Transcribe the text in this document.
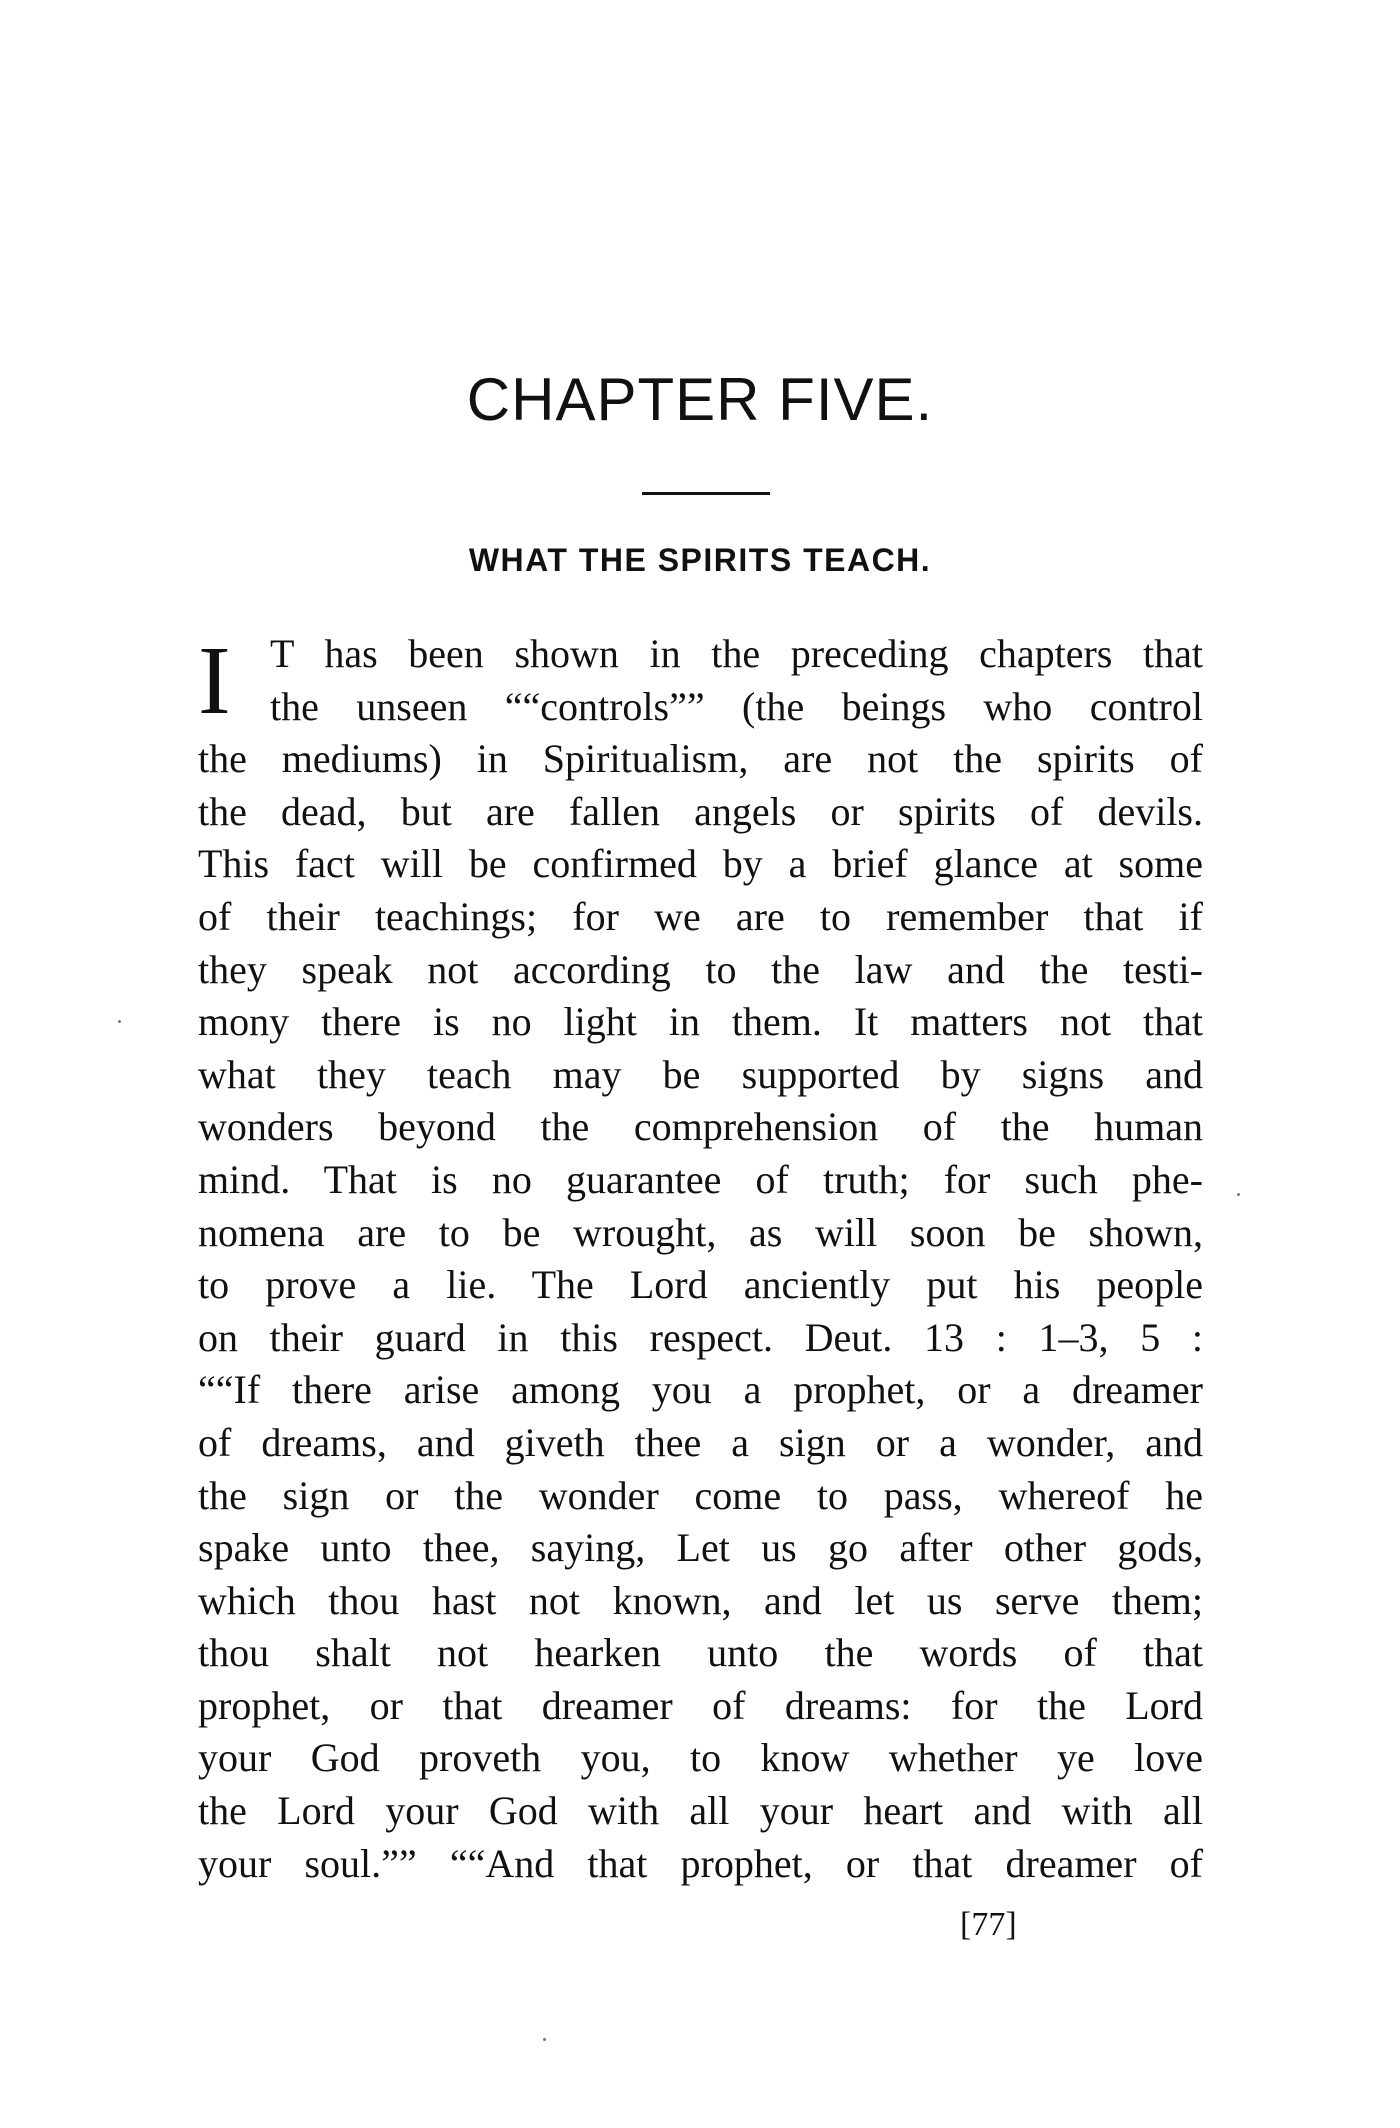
CHAPTER FIVE.
WHAT THE SPIRITS TEACH.
I T has been shown in the preceding chapters that
the unseen ““controls”” (the beings who control
the mediums) in Spiritualism, are not the spirits of
the dead, but are fallen angels or spirits of devils.
This fact will be confirmed by a brief glance at some
of their teachings; for we are to remember that if
they speak not according to the law and the testi-
mony there is no light in them. It matters not that
what they teach may be supported by signs and
wonders beyond the comprehension of the human
mind. That is no guarantee of truth; for such phe-
nomena are to be wrought, as will soon be shown,
to prove a lie. The Lord anciently put his people
on their guard in this respect. Deut. 13 : 1–3, 5 :
““If there arise among you a prophet, or a dreamer
of dreams, and giveth thee a sign or a wonder, and
the sign or the wonder come to pass, whereof he
spake unto thee, saying, Let us go after other gods,
which thou hast not known, and let us serve them;
thou shalt not hearken unto the words of that
prophet, or that dreamer of dreams: for the Lord
your God proveth you, to know whether ye love
the Lord your God with all your heart and with all
your soul.”” ““And that prophet, or that dreamer of
[77]
